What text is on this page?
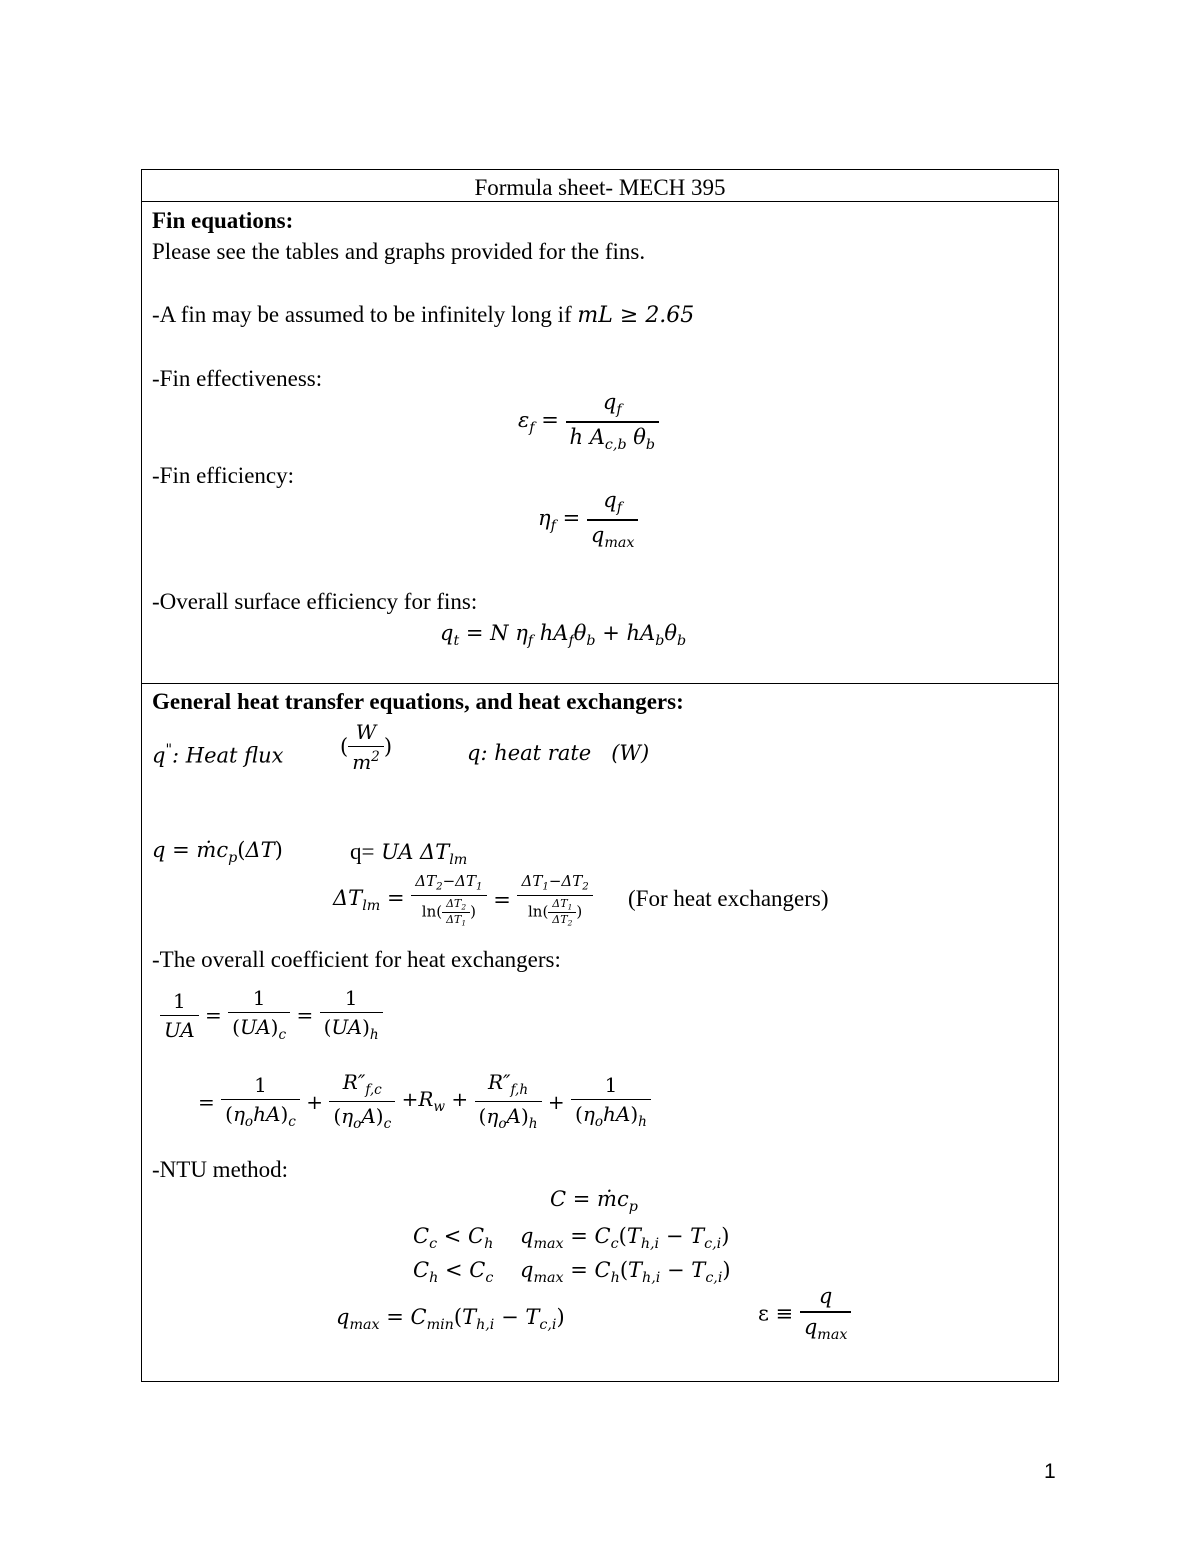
Formula sheet- MECH 395
Fin equations:
Please see the tables and graphs provided for the fins.
-A fin may be assumed to be infinitely long if mL ≥ 2.65
-Fin effectiveness:
$\varepsilon_f = \frac{q_f}{h A_{c,b} \theta_b}$
-Fin efficiency:
$\eta_f = \frac{q_f}{q_{max}}$
-Overall surface efficiency for fins:
$q_t = N$ $\eta_f$ $hA_f\theta_b + hA_b\theta_b$
General heat transfer equations, and heat exchangers:
q": Heat flux	( $\frac{W}{m^2}$ )	q: heat rate   (W)
q = ṁc$_p$(ΔT)	q= UA $\Delta T_{lm}$
$\Delta T_{lm} = \frac{\Delta T_2-\Delta T_1}{\ln( \frac{\Delta T_2}{\Delta T_1} )} = \frac{\Delta T_1-\Delta T_2}{\ln( \frac{\Delta T_1}{\Delta T_2} )} (For$ heat exchangers)
-The overall coefficient for heat exchangers:
$\frac{1}{UA} = \frac{1}{(UA)_c} = \frac{1}{(UA)_h}$
= $\frac{1}{(\eta_ohA)_c} + \frac{R''_{f,c}}{(\eta_oA)_c} +R_w + \frac{R''_{f,h}}{(\eta_oA)_h} + \frac{1}{(\eta_ohA)_h}$
-NTU method:
C = ṁc$_p$
$C_c < C_h$    $q_{max} = C_c(T_{h,i} - T_{c,i})$
$C_h < C_c$    $q_{max} = C_h(T_{h,i} - T_{c,i})$
$q_{max} = C_{min}(T_{h,i} - T_{c,i})$	$\varepsilon \equiv \frac{q}{q_{max}}$
1
